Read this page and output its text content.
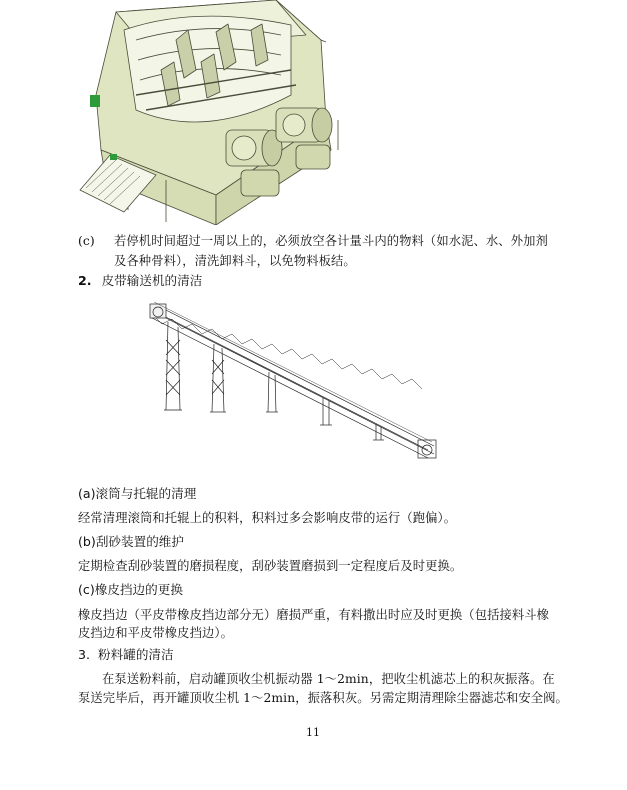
(c) 若停机时间超过一周以上的，必须放空各计量斗内的物料（如水泥、水、外加剂
及各种骨料），清洗卸料斗，以免物料板结。
2. 皮带输送机的清洁
(a)滚筒与托辊的清理
经常清理滚筒和托辊上的积料，积料过多会影响皮带的运行（跑偏）。
(b)刮砂装置的维护
定期检查刮砂装置的磨损程度，刮砂装置磨损到一定程度后及时更换。
(c)橡皮挡边的更换
橡皮挡边（平皮带橡皮挡边部分无）磨损严重，有料撒出时应及时更换（包括接料斗橡
皮挡边和平皮带橡皮挡边）。
3. 粉料罐的清洁
在泵送粉料前，启动罐顶收尘机振动器 1～2min，把收尘机滤芯上的积灰振落。在
泵送完毕后，再开罐顶收尘机 1～2min，振落积灰。另需定期清理除尘器滤芯和安全阀。
11
